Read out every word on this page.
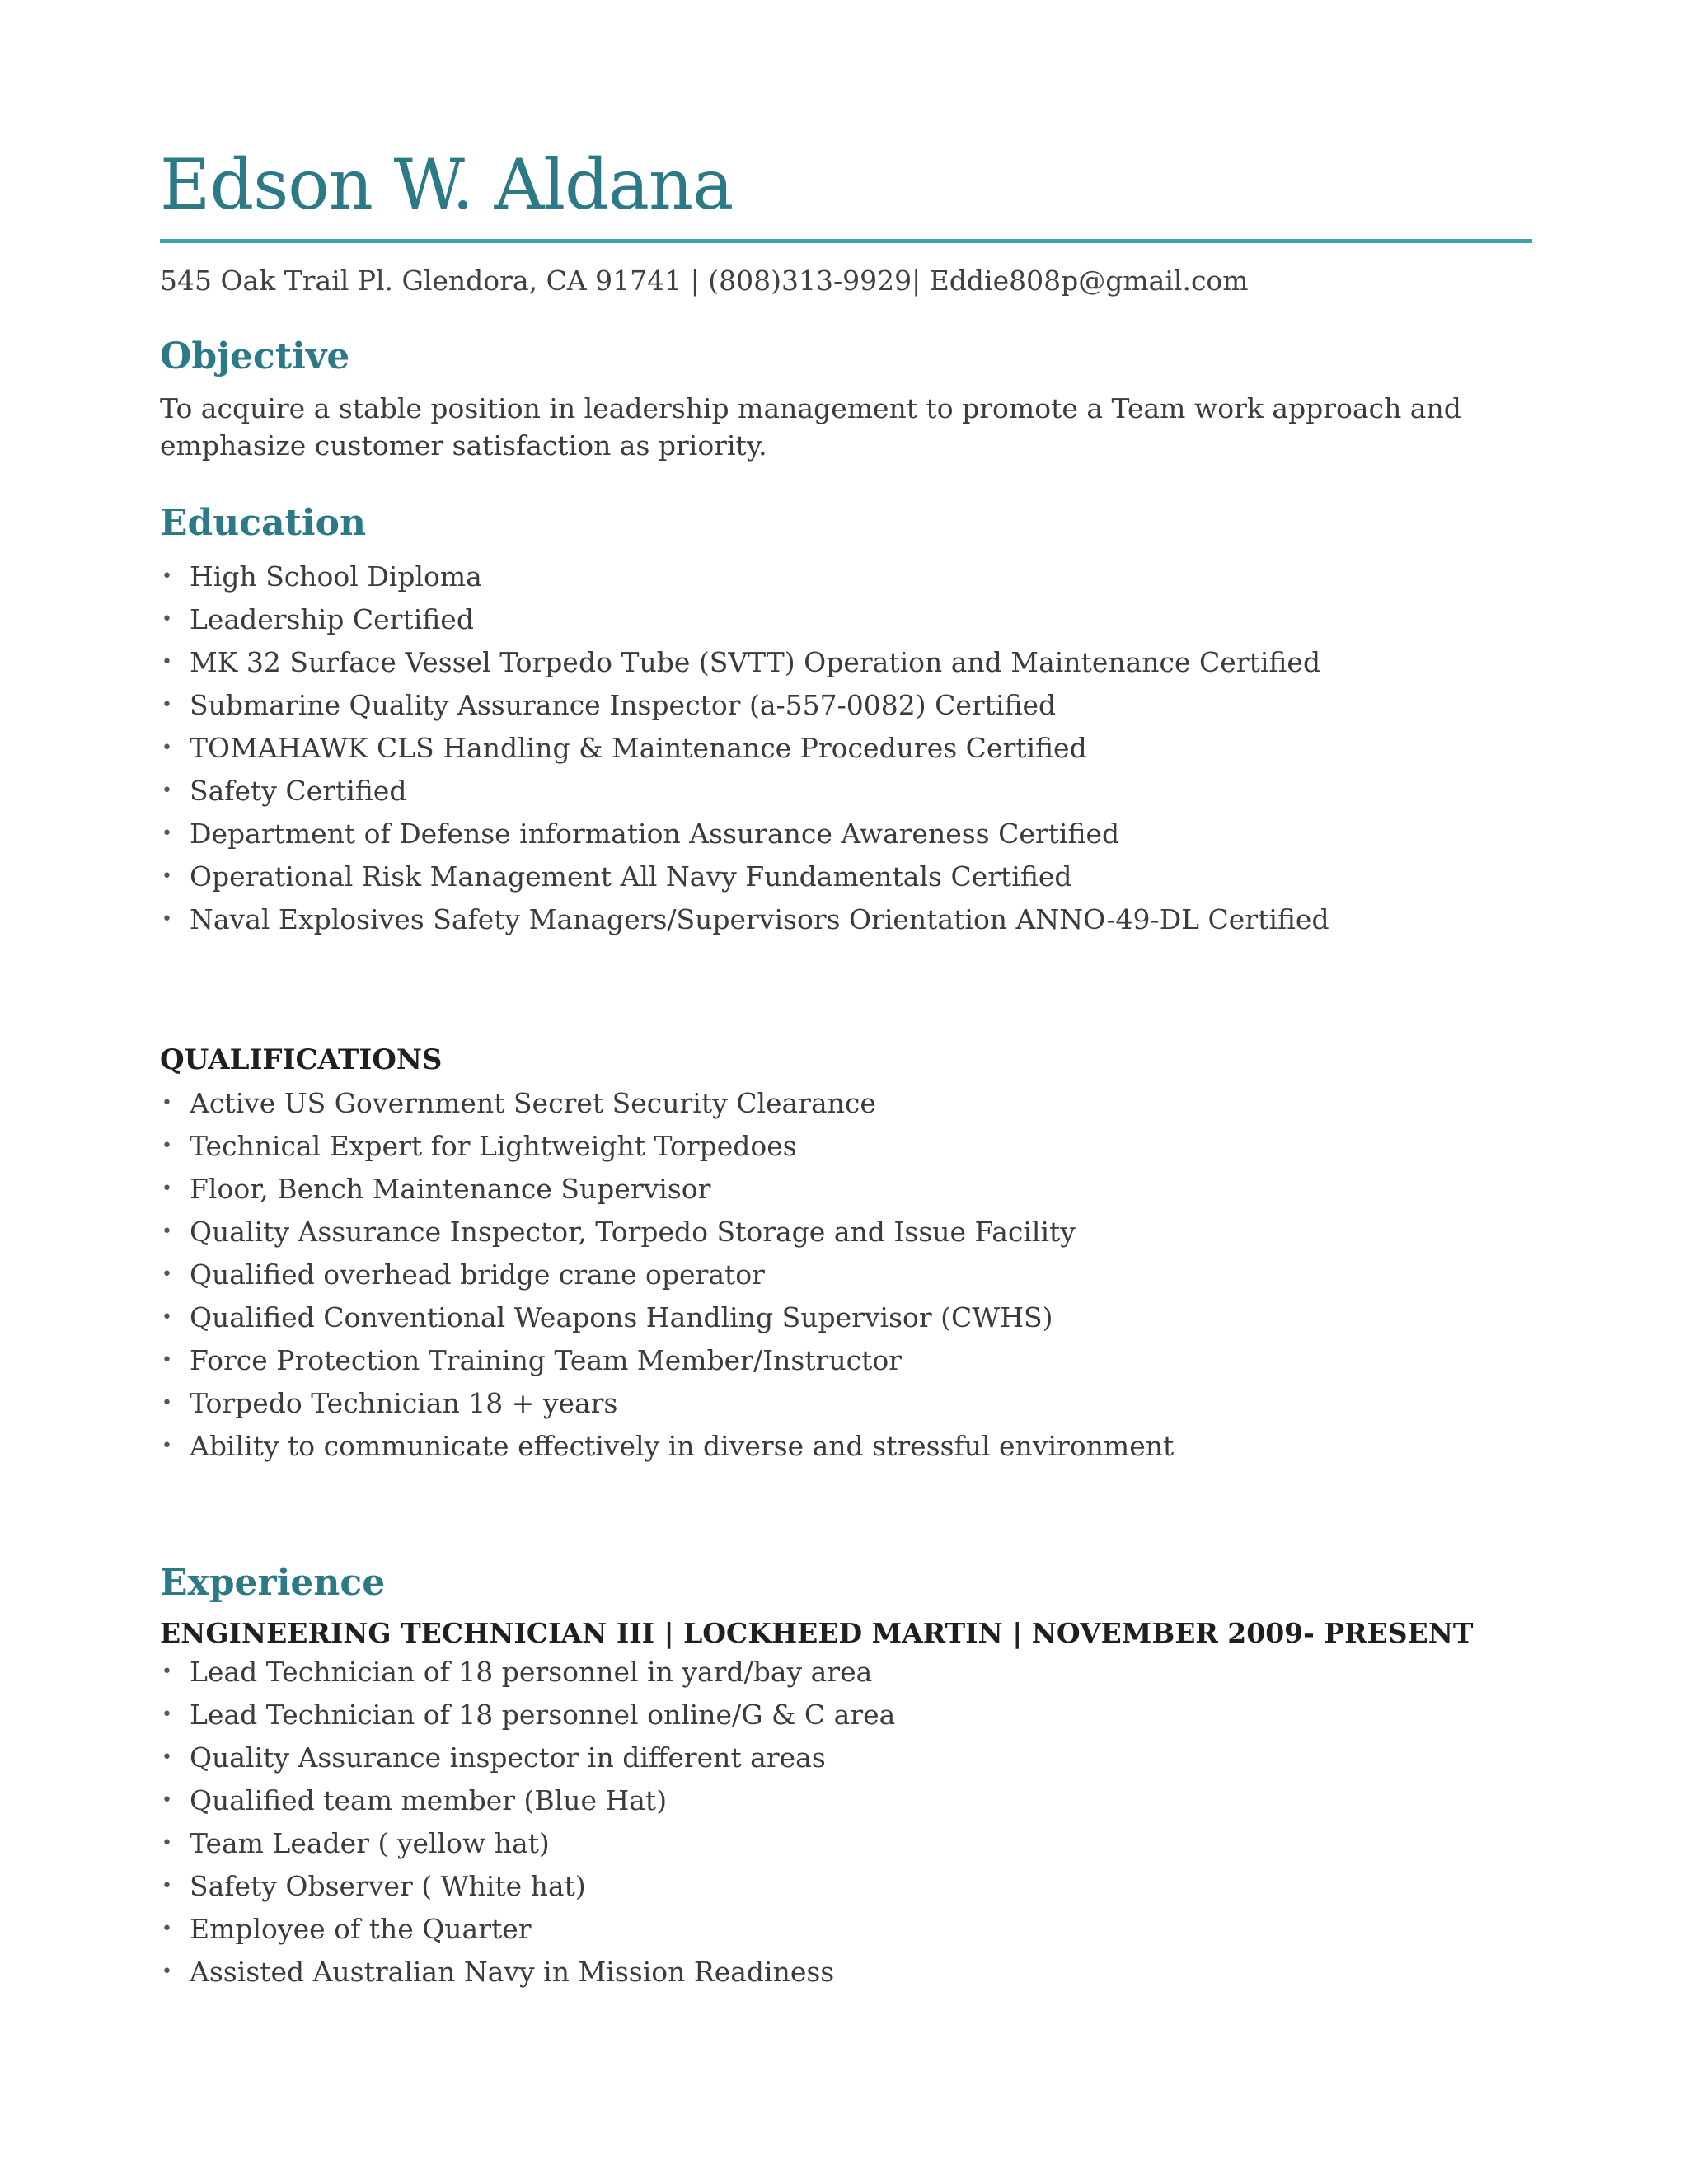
Edson W. Aldana
545 Oak Trail Pl. Glendora, CA 91741 | (808)313-9929| Eddie808p@gmail.com
Objective
To acquire a stable position in leadership management to promote a Team work approach and emphasize customer satisfaction as priority.
Education
• High School Diploma
• Leadership Certified
• MK 32 Surface Vessel Torpedo Tube (SVTT) Operation and Maintenance Certified
• Submarine Quality Assurance Inspector (a-557-0082) Certified
• TOMAHAWK CLS Handling & Maintenance Procedures Certified
• Safety Certified
• Department of Defense information Assurance Awareness Certified
• Operational Risk Management All Navy Fundamentals Certified
• Naval Explosives Safety Managers/Supervisors Orientation ANNO-49-DL Certified
QUALIFICATIONS
• Active US Government Secret Security Clearance
• Technical Expert for Lightweight Torpedoes
• Floor, Bench Maintenance Supervisor
• Quality Assurance Inspector, Torpedo Storage and Issue Facility
• Qualified overhead bridge crane operator
• Qualified Conventional Weapons Handling Supervisor (CWHS)
• Force Protection Training Team Member/Instructor
• Torpedo Technician 18 + years
• Ability to communicate effectively in diverse and stressful environment
Experience
ENGINEERING TECHNICIAN III | LOCKHEED MARTIN | NOVEMBER 2009- PRESENT
• Lead Technician of 18 personnel in yard/bay area
• Lead Technician of 18 personnel online/G & C area
• Quality Assurance inspector in different areas
• Qualified team member (Blue Hat)
• Team Leader ( yellow hat)
• Safety Observer ( White hat)
• Employee of the Quarter
• Assisted Australian Navy in Mission Readiness
